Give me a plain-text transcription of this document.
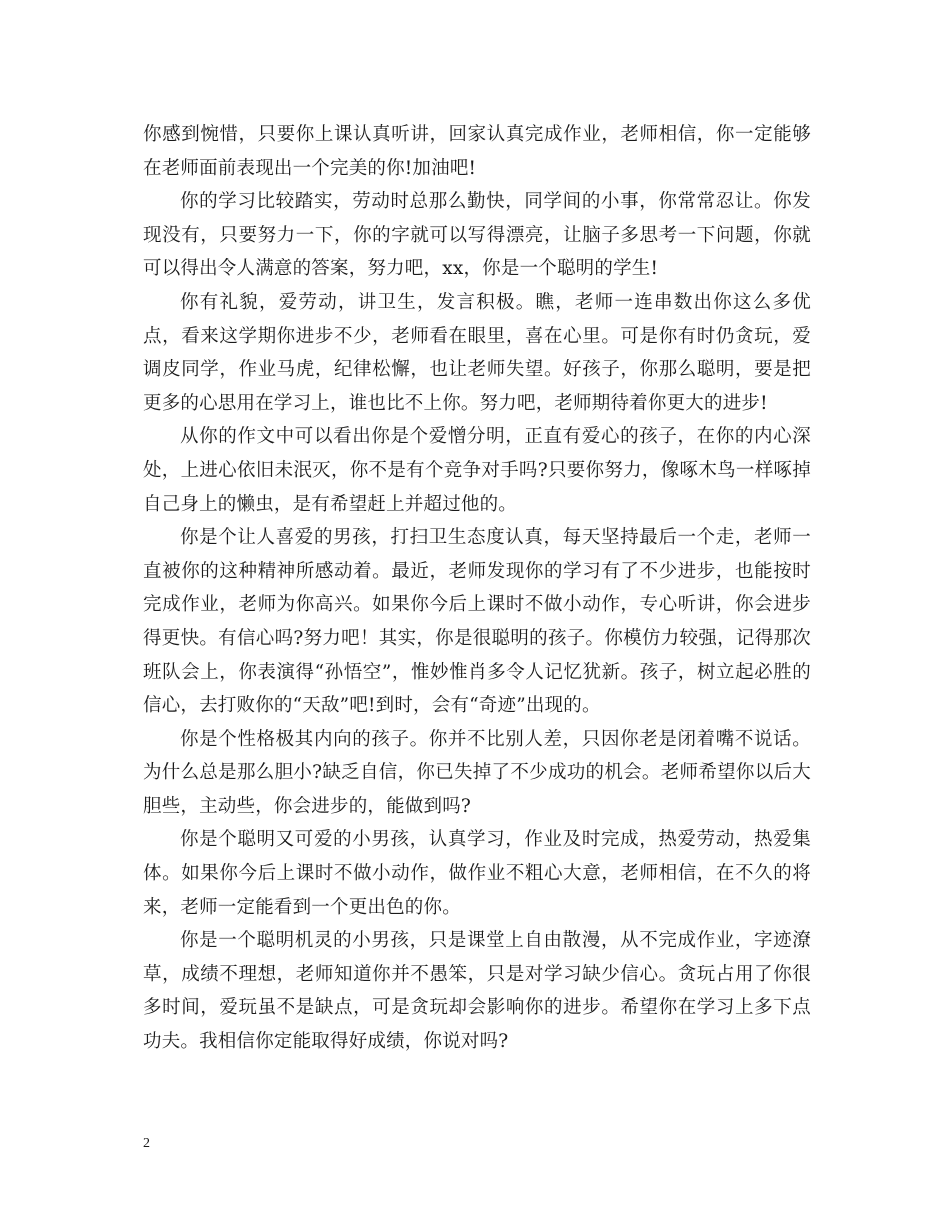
你感到惋惜，只要你上课认真听讲，回家认真完成作业，老师相信，你一定能够在老师面前表现出一个完美的你!加油吧!

你的学习比较踏实，劳动时总那么勤快，同学间的小事，你常常忍让。你发现没有，只要努力一下，你的字就可以写得漂亮，让脑子多思考一下问题，你就可以得出令人满意的答案，努力吧，xx，你是一个聪明的学生!

你有礼貌，爱劳动，讲卫生，发言积极。瞧，老师一连串数出你这么多优点，看来这学期你进步不少，老师看在眼里，喜在心里。可是你有时仍贪玩，爱调皮同学，作业马虎，纪律松懈，也让老师失望。好孩子，你那么聪明，要是把更多的心思用在学习上，谁也比不上你。努力吧，老师期待着你更大的进步!

从你的作文中可以看出你是个爱憎分明，正直有爱心的孩子，在你的内心深处，上进心依旧未泯灭，你不是有个竞争对手吗?只要你努力，像啄木鸟一样啄掉自己身上的懒虫，是有希望赶上并超过他的。

你是个让人喜爱的男孩，打扫卫生态度认真，每天坚持最后一个走，老师一直被你的这种精神所感动着。最近，老师发现你的学习有了不少进步，也能按时完成作业，老师为你高兴。如果你今后上课时不做小动作，专心听讲，你会进步得更快。有信心吗?努力吧！其实，你是很聪明的孩子。你模仿力较强，记得那次班队会上，你表演得“孙悟空”，惟妙惟肖多令人记忆犹新。孩子，树立起必胜的信心，去打败你的“天敌”吧!到时，会有“奇迹”出现的。

你是个性格极其内向的孩子。你并不比别人差，只因你老是闭着嘴不说话。为什么总是那么胆小?缺乏自信，你已失掉了不少成功的机会。老师希望你以后大胆些，主动些，你会进步的，能做到吗?

你是个聪明又可爱的小男孩，认真学习，作业及时完成，热爱劳动，热爱集体。如果你今后上课时不做小动作，做作业不粗心大意，老师相信，在不久的将来，老师一定能看到一个更出色的你。

你是一个聪明机灵的小男孩，只是课堂上自由散漫，从不完成作业，字迹潦草，成绩不理想，老师知道你并不愚笨，只是对学习缺少信心。贪玩占用了你很多时间，爱玩虽不是缺点，可是贪玩却会影响你的进步。希望你在学习上多下点功夫。我相信你定能取得好成绩，你说对吗?

2
